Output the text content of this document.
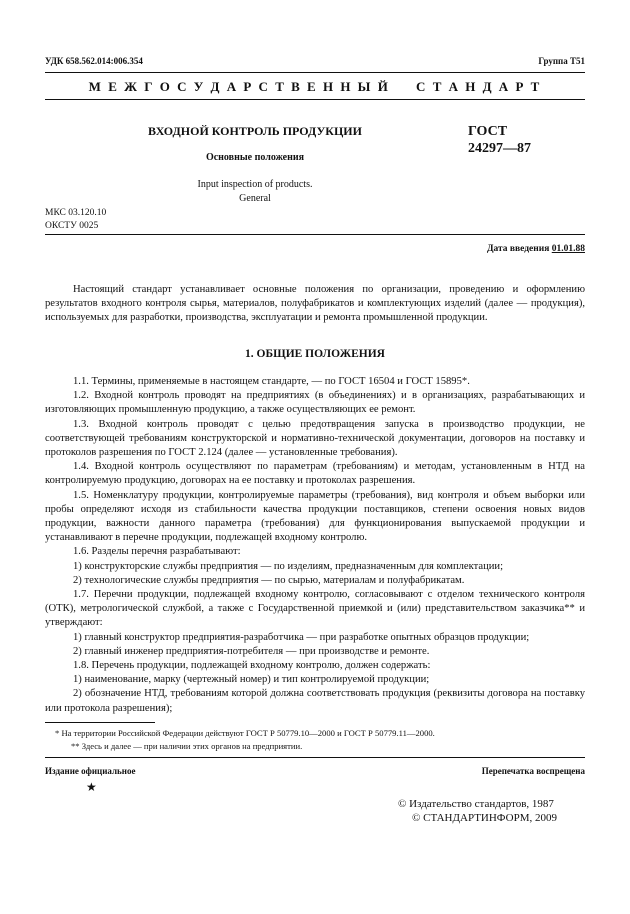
УДК 658.562.014:006.354	Группа Т51
М Е Ж Г О С У Д А Р С Т В Е Н Н Ы Й     С Т А Н Д А Р Т
ВХОДНОЙ КОНТРОЛЬ ПРОДУКЦИИ
Основные положения
Input inspection of products.
General
ГОСТ
24297—87
МКС 03.120.10
ОКСТУ 0025
Дата введения 01.01.88
Настоящий стандарт устанавливает основные положения по организации, проведению и оформлению результатов входного контроля сырья, материалов, полуфабрикатов и комплектующих изделий (далее — продукция), используемых для разработки, производства, эксплуатации и ремонта промышленной продукции.
1. ОБЩИЕ ПОЛОЖЕНИЯ
1.1. Термины, применяемые в настоящем стандарте, — по ГОСТ 16504 и ГОСТ 15895*.
1.2. Входной контроль проводят на предприятиях (в объединениях) и в организациях, разрабатывающих и изготовляющих промышленную продукцию, а также осуществляющих ее ремонт.
1.3. Входной контроль проводят с целью предотвращения запуска в производство продукции, не соответствующей требованиям конструкторской и нормативно-технической документации, договоров на поставку и протоколов разрешения по ГОСТ 2.124 (далее — установленные требования).
1.4. Входной контроль осуществляют по параметрам (требованиям) и методам, установленным в НТД на контролируемую продукцию, договорах на ее поставку и протоколах разрешения.
1.5. Номенклатуру продукции, контролируемые параметры (требования), вид контроля и объем выборки или пробы определяют исходя из стабильности качества продукции поставщиков, степени освоения новых видов продукции, важности данного параметра (требования) для функционирования выпускаемой продукции и устанавливают в перечне продукции, подлежащей входному контролю.
1.6. Разделы перечня разрабатывают:
1) конструкторские службы предприятия — по изделиям, предназначенным для комплектации;
2) технологические службы предприятия — по сырью, материалам и полуфабрикатам.
1.7. Перечни продукции, подлежащей входному контролю, согласовывают с отделом технического контроля (ОТК), метрологической службой, а также с Государственной приемкой и (или) представительством заказчика** и утверждают:
1) главный конструктор предприятия-разработчика — при разработке опытных образцов продукции;
2) главный инженер предприятия-потребителя — при производстве и ремонте.
1.8. Перечень продукции, подлежащей входному контролю, должен содержать:
1) наименование, марку (чертежный номер) и тип контролируемой продукции;
2) обозначение НТД, требованиям которой должна соответствовать продукция (реквизиты договора на поставку или протокола разрешения);
* На территории Российской Федерации действуют ГОСТ Р 50779.10—2000 и ГОСТ Р 50779.11—2000.
** Здесь и далее — при наличии этих органов на предприятии.
Издание официальное	Перепечатка воспрещена
★
© Издательство стандартов, 1987
© СТАНДАРТИНФОРМ, 2009
